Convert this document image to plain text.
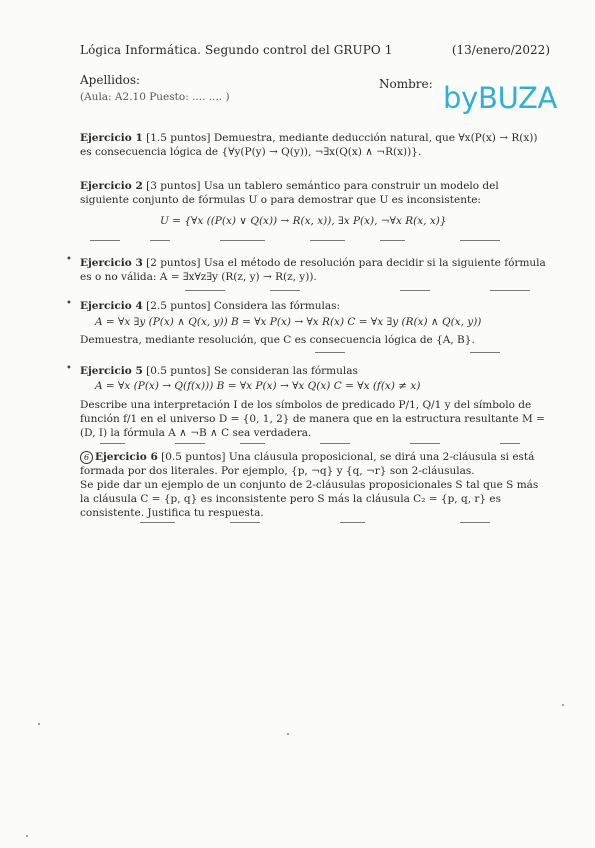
Lógica Informática. Segundo control del GRUPO 1	(13/enero/2022)
Apellidos:
(Aula: A2.10 Puesto: .... .... )
Nombre: byBUZA
Ejercicio 1 [1.5 puntos] Demuestra, mediante deducción natural, que ∀x(P(x) → R(x)) es consecuencia lógica de {∀y(P(y) → Q(y)), ¬∃x(Q(x) ∧ ¬R(x))}.
Ejercicio 2 [3 puntos] Usa un tablero semántico para construir un modelo del siguiente conjunto de fórmulas U o para demostrar que U es inconsistente:
U = {∀x ((P(x) ∨ Q(x)) → R(x, x)), ∃x P(x), ¬∀x R(x, x)}
• Ejercicio 3 [2 puntos] Usa el método de resolución para decidir si la siguiente fórmula es o no válida: A = ∃x∀z∃y (R(z, y) → R(z, y)).
• Ejercicio 4 [2.5 puntos] Considera las fórmulas:
A = ∀x ∃y (P(x) ∧ Q(x, y)) B = ∀x P(x) → ∀x R(x) C = ∀x ∃y (R(x) ∧ Q(x, y))
Demuestra, mediante resolución, que C es consecuencia lógica de {A, B}.
• Ejercicio 5 [0.5 puntos] Se consideran las fórmulas
A = ∀x (P(x) → Q(f(x))) B = ∀x P(x) → ∀x Q(x) C = ∀x (f(x) ≠ x)
Describe una interpretación I de los símbolos de predicado P/1, Q/1 y del símbolo de función f/1 en el universo D = {0, 1, 2} de manera que en la estructura resultante M = (D, I) la fórmula A ∧ ¬B ∧ C sea verdadera.
6 Ejercicio 6 [0.5 puntos] Una cláusula proposicional, se dirá una 2-cláusula si está formada por dos literales. Por ejemplo, {p, ¬q} y {q, ¬r} son 2-cláusulas.
Se pide dar un ejemplo de un conjunto de 2-cláusulas proposicionales S tal que S más la cláusula C = {p, q} es inconsistente pero S más la cláusula C₂ = {p, q, r} es consistente. Justifica tu respuesta.
